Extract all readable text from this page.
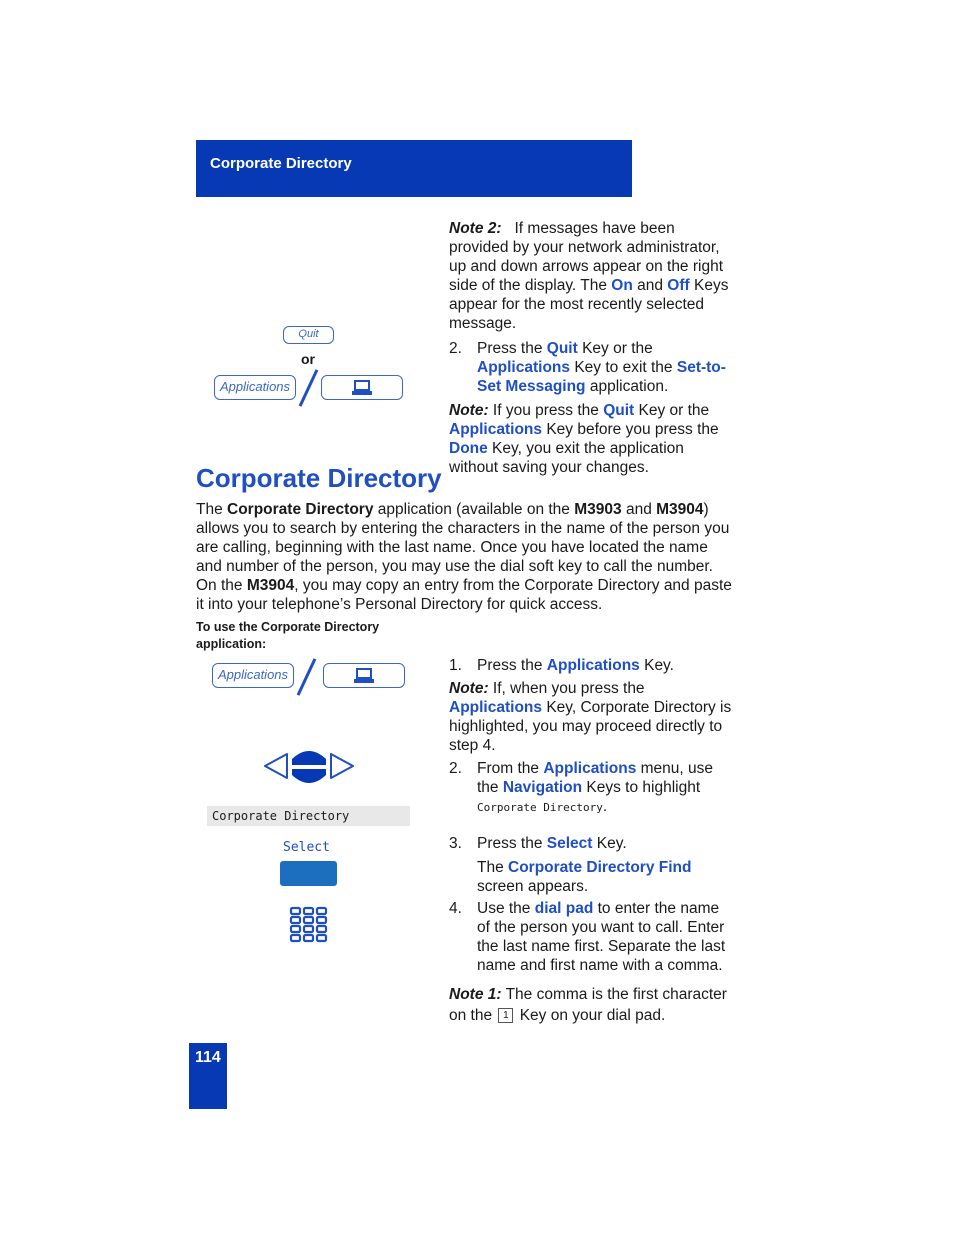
Corporate Directory

Note 2: If messages have been provided by your network administrator, up and down arrows appear on the right side of the display. The On and Off Keys appear for the most recently selected message.

2. Press the Quit Key or the Applications Key to exit the Set-to-Set Messaging application.

Note: If you press the Quit Key or the Applications Key before you press the Done Key, you exit the application without saving your changes.

Quit
or
Applications
Corporate Directory
The Corporate Directory application (available on the M3903 and M3904) allows you to search by entering the characters in the name of the person you are calling, beginning with the last name. Once you have located the name and number of the person, you may use the dial soft key to call the number. On the M3904, you may copy an entry from the Corporate Directory and paste it into your telephone’s Personal Directory for quick access.
To use the Corporate Directory application:
Applications
Corporate Directory
Select
1. Press the Applications Key.

Note: If, when you press the Applications Key, Corporate Directory is highlighted, you may proceed directly to step 4.

2. From the Applications menu, use the Navigation Keys to highlight Corporate Directory.
3. Press the Select Key.
The Corporate Directory Find screen appears.
4. Use the dial pad to enter the name of the person you want to call. Enter the last name first. Separate the last name and first name with a comma.

Note 1: The comma is the first character on the 1 Key on your dial pad.

114
